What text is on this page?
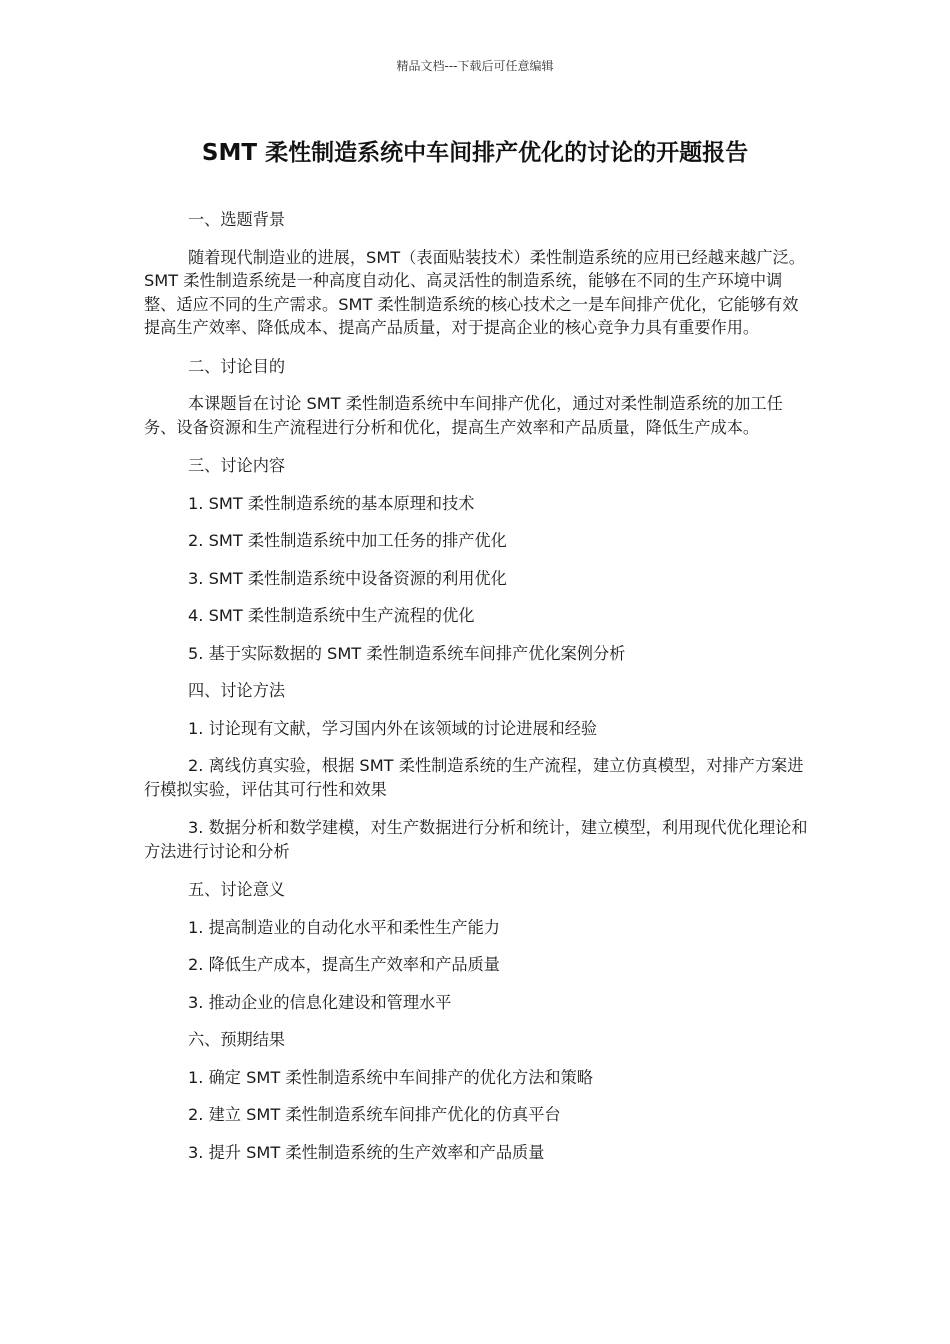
精品文档---下载后可任意编辑
SMT 柔性制造系统中车间排产优化的讨论的开题报告

一、选题背景

随着现代制造业的进展，SMT（表面贴装技术）柔性制造系统的应用已经越来越广泛。SMT 柔性制造系统是一种高度自动化、高灵活性的制造系统，能够在不同的生产环境中调整、适应不同的生产需求。SMT 柔性制造系统的核心技术之一是车间排产优化，它能够有效提高生产效率、降低成本、提高产品质量，对于提高企业的核心竞争力具有重要作用。

二、讨论目的

本课题旨在讨论 SMT 柔性制造系统中车间排产优化，通过对柔性制造系统的加工任务、设备资源和生产流程进行分析和优化，提高生产效率和产品质量，降低生产成本。

三、讨论内容

1. SMT 柔性制造系统的基本原理和技术

2. SMT 柔性制造系统中加工任务的排产优化

3. SMT 柔性制造系统中设备资源的利用优化

4. SMT 柔性制造系统中生产流程的优化

5. 基于实际数据的 SMT 柔性制造系统车间排产优化案例分析

四、讨论方法

1. 讨论现有文献，学习国内外在该领域的讨论进展和经验

2. 离线仿真实验，根据 SMT 柔性制造系统的生产流程，建立仿真模型，对排产方案进行模拟实验，评估其可行性和效果

3. 数据分析和数学建模，对生产数据进行分析和统计，建立模型，利用现代优化理论和方法进行讨论和分析

五、讨论意义

1. 提高制造业的自动化水平和柔性生产能力

2. 降低生产成本，提高生产效率和产品质量

3. 推动企业的信息化建设和管理水平

六、预期结果

1. 确定 SMT 柔性制造系统中车间排产的优化方法和策略

2. 建立 SMT 柔性制造系统车间排产优化的仿真平台

3. 提升 SMT 柔性制造系统的生产效率和产品质量
